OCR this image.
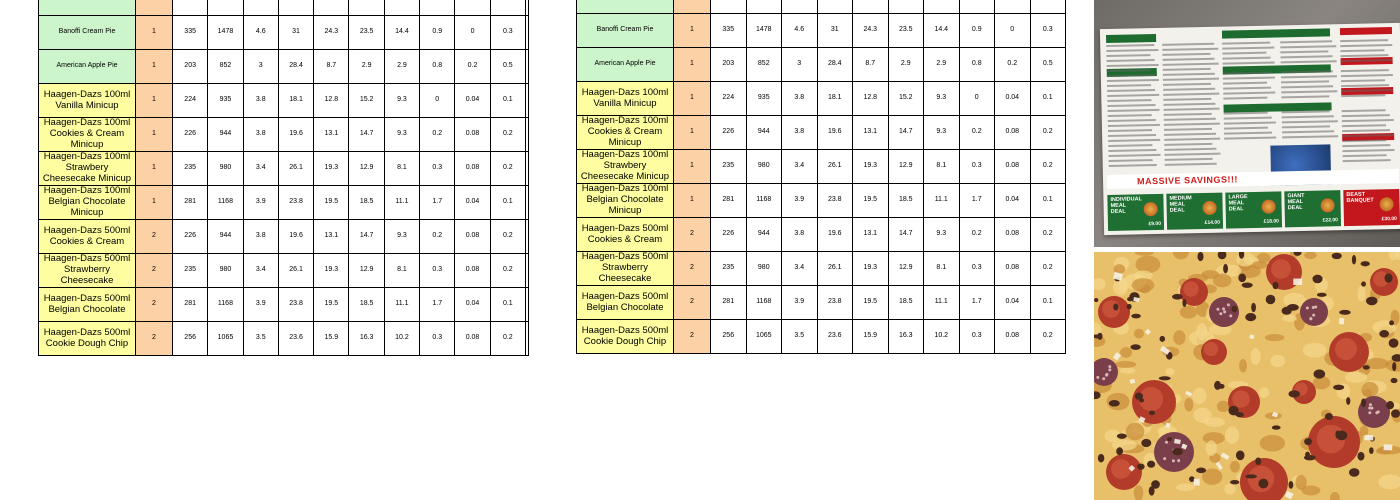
Banoffi Cream Pie	1	335	1478	4.6	31	24.3	23.5	14.4	0.9	0	0.3	
American Apple Pie	1	203	852	3	28.4	8.7	2.9	2.9	0.8	0.2	0.5	
Haagen-Dazs 100ml Vanilla Minicup	1	224	935	3.8	18.1	12.8	15.2	9.3	0	0.04	0.1	
Haagen-Dazs 100ml Cookies & Cream Minicup	1	226	944	3.8	19.6	13.1	14.7	9.3	0.2	0.08	0.2	
Haagen-Dazs 100ml Strawbery Cheesecake Minicup	1	235	980	3.4	26.1	19.3	12.9	8.1	0.3	0.08	0.2	
Haagen-Dazs 100ml Belgian Chocolate Minicup	1	281	1168	3.9	23.8	19.5	18.5	11.1	1.7	0.04	0.1	
Haagen-Dazs 500ml Cookies & Cream	2	226	944	3.8	19.6	13.1	14.7	9.3	0.2	0.08	0.2	
Haagen-Dazs 500ml Strawberry Cheesecake	2	235	980	3.4	26.1	19.3	12.9	8.1	0.3	0.08	0.2	
Haagen-Dazs 500ml Belgian Chocolate	2	281	1168	3.9	23.8	19.5	18.5	11.1	1.7	0.04	0.1	
Haagen-Dazs 500ml Cookie Dough Chip	2	256	1065	3.5	23.6	15.9	16.3	10.2	0.3	0.08	0.2	

Banoffi Cream Pie	1	335	1478	4.6	31	24.3	23.5	14.4	0.9	0	0.3
American Apple Pie	1	203	852	3	28.4	8.7	2.9	2.9	0.8	0.2	0.5
Haagen-Dazs 100ml Vanilla Minicup	1	224	935	3.8	18.1	12.8	15.2	9.3	0	0.04	0.1
Haagen-Dazs 100ml Cookies & Cream Minicup	1	226	944	3.8	19.6	13.1	14.7	9.3	0.2	0.08	0.2
Haagen-Dazs 100ml Strawbery Cheesecake Minicup	1	235	980	3.4	26.1	19.3	12.9	8.1	0.3	0.08	0.2
Haagen-Dazs 100ml Belgian Chocolate Minicup	1	281	1168	3.9	23.8	19.5	18.5	11.1	1.7	0.04	0.1
Haagen-Dazs 500ml Cookies & Cream	2	226	944	3.8	19.6	13.1	14.7	9.3	0.2	0.08	0.2
Haagen-Dazs 500ml Strawberry Cheesecake	2	235	980	3.4	26.1	19.3	12.9	8.1	0.3	0.08	0.2
Haagen-Dazs 500ml Belgian Chocolate	2	281	1168	3.9	23.8	19.5	18.5	11.1	1.7	0.04	0.1
Haagen-Dazs 500ml Cookie Dough Chip	2	256	1065	3.5	23.6	15.9	16.3	10.2	0.3	0.08	0.2
MASSIVE SAVINGS!!!
INDIVIDUAL MEAL DEAL
£9.00
MEDIUM MEAL DEAL
£14.00
LARGE MEAL DEAL
£18.00
GIANT MEAL DEAL
£22.00
BEAST BANQUET
£30.00
